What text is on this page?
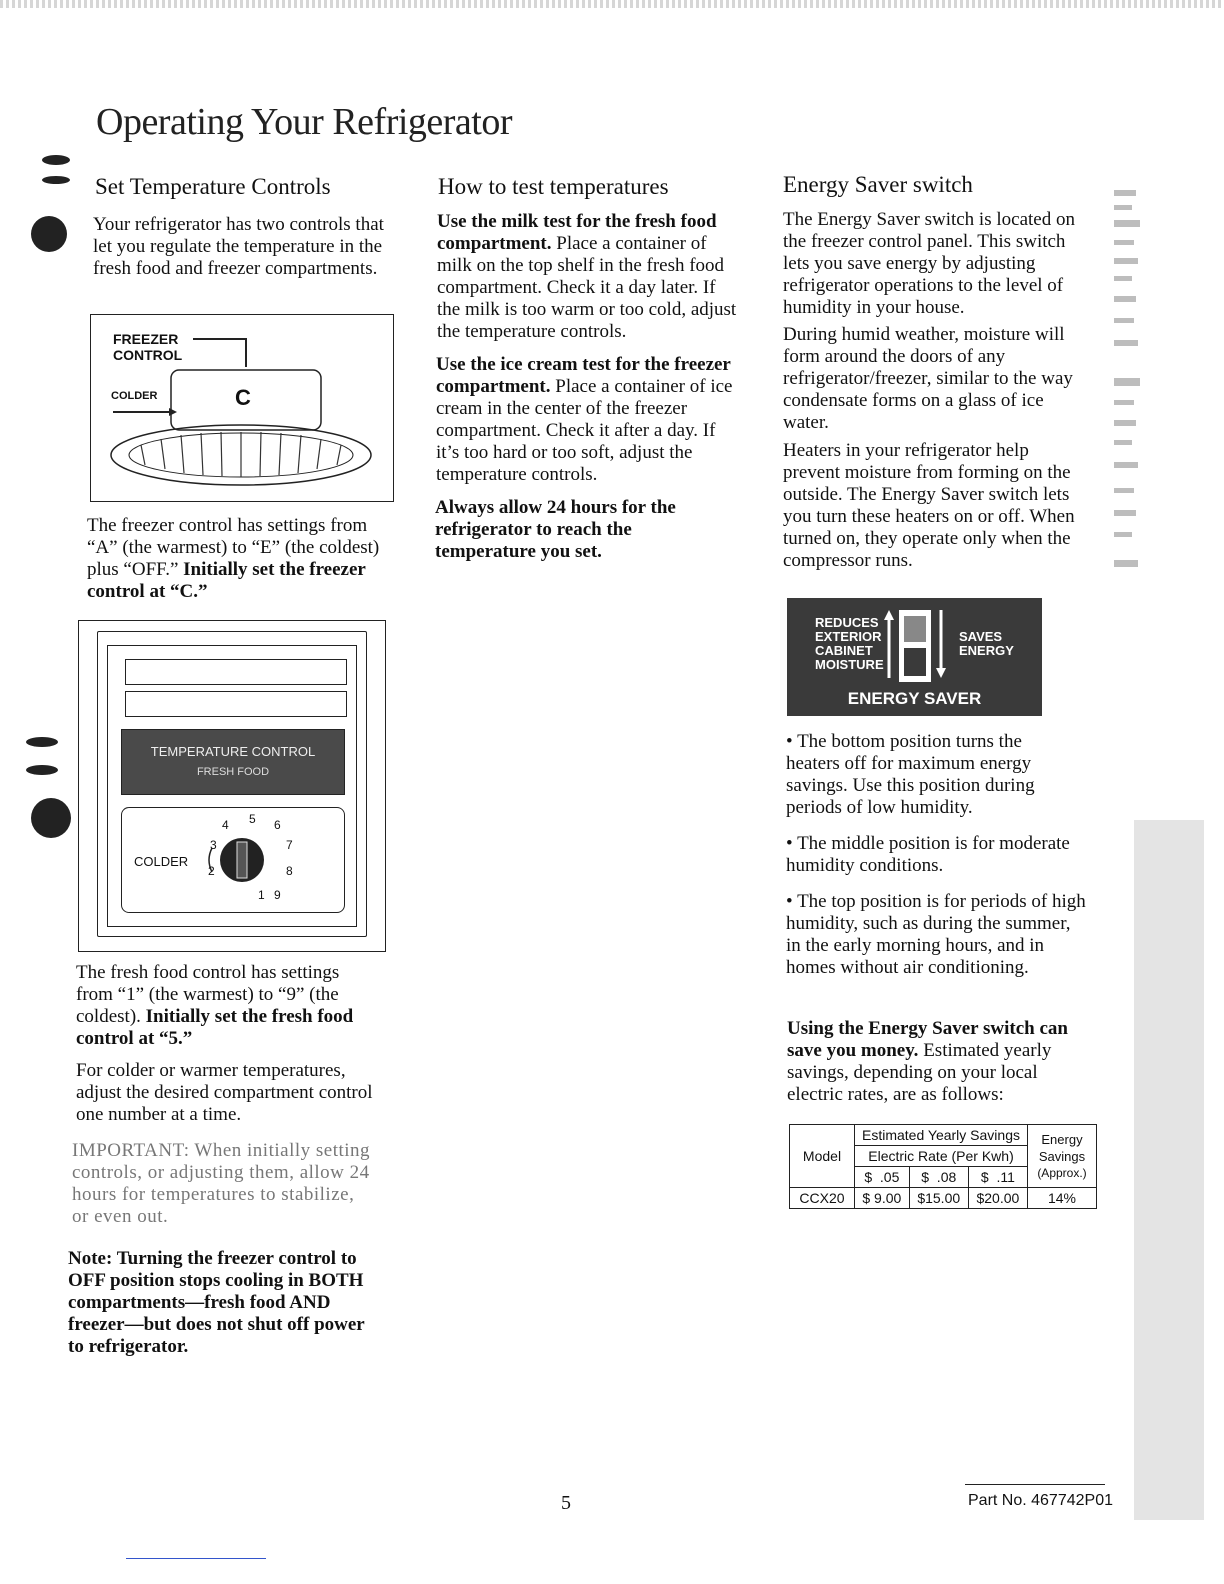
Operating Your Refrigerator
Set Temperature Controls

Your refrigerator has two controls that let you regulate the temperature in the fresh food and freezer compartments.

FREEZER
CONTROL
COLDER	C

The freezer control has settings from “A” (the warmest) to “E” (the coldest) plus “OFF.” Initially set the freezer control at “C.”

TEMPERATURE CONTROL
FRESH FOOD
COLDER
1
2
3
4 5 6
7
8
9

The fresh food control has settings from “1” (the warmest) to “9” (the coldest). Initially set the fresh food control at “5.”

For colder or warmer temperatures, adjust the desired compartment control one number at a time.

IMPORTANT: When initially setting controls, or adjusting them, allow 24 hours for temperatures to stabilize, or even out.

Note: Turning the freezer control to OFF position stops cooling in BOTH compartments—fresh food AND freezer—but does not shut off power to refrigerator.

How to test temperatures

Use the milk test for the fresh food compartment. Place a container of milk on the top shelf in the fresh food compartment. Check it a day later. If the milk is too warm or too cold, adjust the temperature controls.

Use the ice cream test for the freezer compartment. Place a container of ice cream in the center of the freezer compartment. Check it after a day. If it’s too hard or too soft, adjust the temperature controls.

Always allow 24 hours for the refrigerator to reach the temperature you set.

Energy Saver switch

The Energy Saver switch is located on the freezer control panel. This switch lets you save energy by adjusting refrigerator operations to the level of humidity in your house.

During humid weather, moisture will form around the doors of any refrigerator/freezer, similar to the way condensate forms on a glass of ice water.

Heaters in your refrigerator help prevent moisture from forming on the outside. The Energy Saver switch lets you turn these heaters on or off. When turned on, they operate only when the compressor runs.

REDUCES
EXTERIOR
CABINET
MOISTURE
SAVES
ENERGY
ENERGY SAVER

• The bottom position turns the heaters off for maximum energy savings. Use this position during periods of low humidity.

• The middle position is for moderate humidity conditions.

• The top position is for periods of high humidity, such as during the summer, in the early morning hours, and in homes without air conditioning.

Using the Energy Saver switch can save you money. Estimated yearly savings, depending on your local electric rates, are as follows:

Model	Estimated Yearly Savings			Energy
Savings
(Approx.)

	Electric Rate (Per Kwh)			
	$  .05	$  .08	$  .11	
CCX20	$ 9.00	$15.00	$20.00	14%
5	Part No. 467742P01
